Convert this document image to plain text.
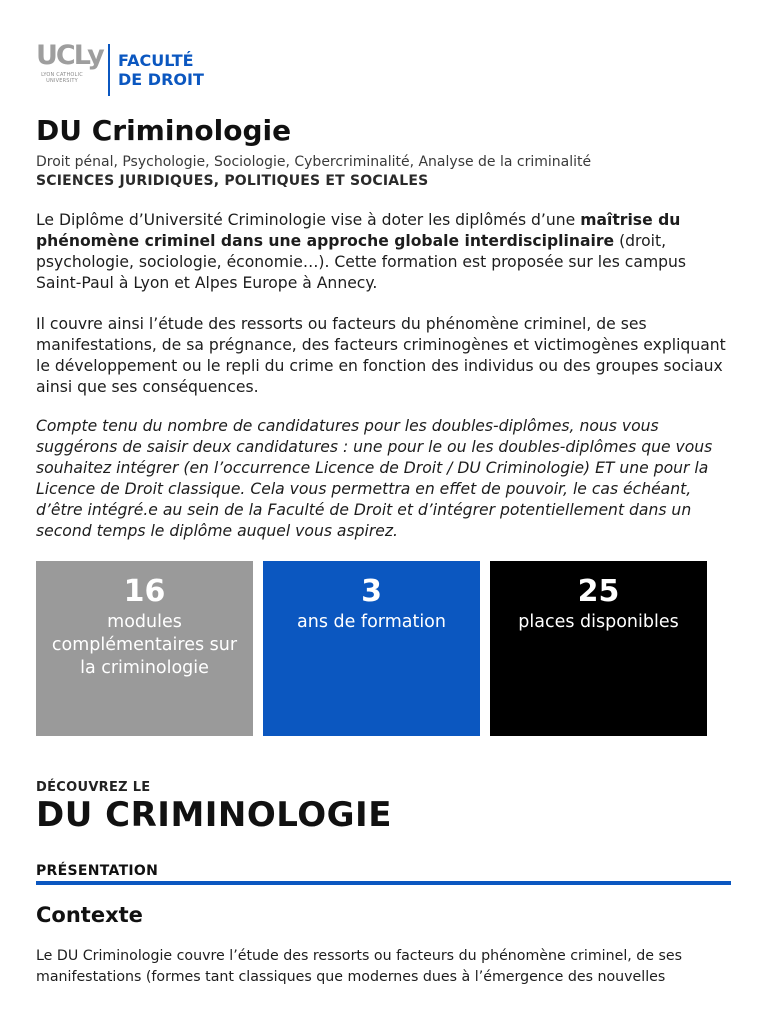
UCLy
LYON CATHOLIC UNIVERSITY
FACULTÉ
DE DROIT
DU Criminologie
Droit pénal, Psychologie, Sociologie, Cybercriminalité, Analyse de la criminalité
SCIENCES JURIDIQUES, POLITIQUES ET SOCIALES

Le Diplôme d’Université Criminologie vise à doter les diplômés d’une maîtrise du phénomène criminel dans une approche globale interdisciplinaire (droit, psychologie, sociologie, économie…). Cette formation est proposée sur les campus Saint-Paul à Lyon et Alpes Europe à Annecy.

Il couvre ainsi l’étude des ressorts ou facteurs du phénomène criminel, de ses manifestations, de sa prégnance, des facteurs criminogènes et victimogènes expliquant le développement ou le repli du crime en fonction des individus ou des groupes sociaux ainsi que ses conséquences.

Compte tenu du nombre de candidatures pour les doubles-diplômes, nous vous suggérons de saisir deux candidatures : une pour le ou les doubles-diplômes que vous souhaitez intégrer (en l’occurrence Licence de Droit / DU Criminologie) ET une pour la Licence de Droit classique. Cela vous permettra en effet de pouvoir, le cas échéant, d’être intégré.e au sein de la Faculté de Droit et d’intégrer potentiellement dans un second temps le diplôme auquel vous aspirez.

16
modules complémentaires sur la criminologie
3
ans de formation
25
places disponibles
DÉCOUVREZ LE
DU CRIMINOLOGIE
PRÉSENTATION
Contexte

Le DU Criminologie couvre l’étude des ressorts ou facteurs du phénomène criminel, de ses manifestations (formes tant classiques que modernes dues à l’émergence des nouvelles
